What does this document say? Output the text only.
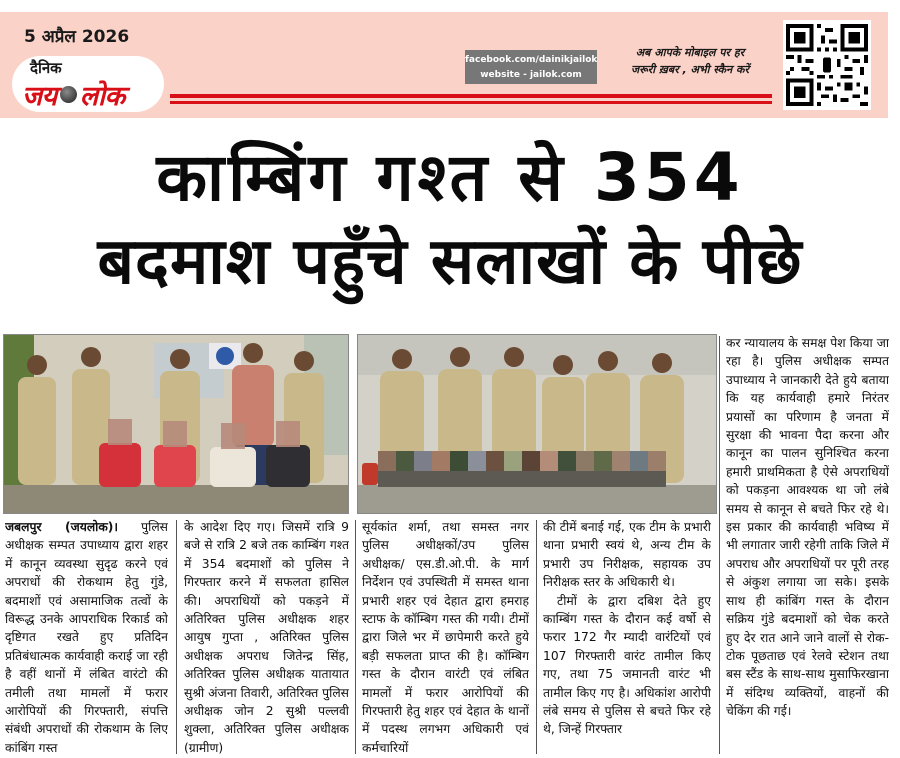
5 अप्रैल 2026
दैनिक
जय लोक
facebook.com/dainikjailok
website - jailok.com
अब आपके मोबाइल पर हर
जरूरी ख़बर , अभी स्कैन करें
काम्बिंग गश्त से 354
बदमाश पहुँचे सलाखों के पीछे

जबलपुर (जयलोक)। पुलिस अधीक्षक सम्पत उपाध्याय द्वारा शहर में कानून व्यवस्था सुदृढ करने एवं अपराधों की रोकथाम हेतु गुंडे, बदमाशों एवं असामाजिक तत्वों के विरूद्ध उनके आपराधिक रिकार्ड को दृष्टिगत रखते हुए प्रतिदिन प्रतिबंधात्मक कार्यवाही कराई जा रही है वहीं थानों में लंबित वारंटो की तमीली तथा मामलों में फरार आरोपियों की गिरफ्तारी, संपत्ति संबंधी अपराधों की रोकथाम के लिए कांबिंग गस्त

के आदेश दिए गए। जिसमें रात्रि 9 बजे से रात्रि 2 बजे तक काम्बिंग गश्त में 354 बदमाशों को पुलिस ने गिरफ्तार करने में सफलता हासिल की। अपराधियों को पकड़ने में अतिरिक्त पुलिस अधीक्षक शहर आयुष गुप्ता , अतिरिक्त पुलिस अधीक्षक अपराध जितेन्द्र सिंह, अतिरिक्त पुलिस अधीक्षक यातायात सुश्री अंजना तिवारी, अतिरिक्त पुलिस अधीक्षक जोन 2 सुश्री पल्लवी शुक्ला, अतिरिक्त पुलिस अधीक्षक (ग्रामीण)

सूर्यकांत शर्मा, तथा समस्त नगर पुलिस अधीक्षकों/उप पुलिस अधीक्षक/ एस.डी.ओ.पी. के मार्ग निर्देशन एवं उपस्थिती में समस्त थाना प्रभारी शहर एवं देहात द्वारा हमराह स्टाफ के कॉम्बिग गस्त की गयी। टीमों द्वारा जिले भर में छापेमारी करते हुये बड़ी सफलता प्राप्त की है। कॉम्बिग गस्त के दौरान वारंटी एवं लंबित मामलों में फरार आरोपियों की गिरफ्तारी हेतु शहर एवं देहात के थानों में पदस्थ लगभग अधिकारी एवं कर्मचारियों

की टीमें बनाई गई, एक टीम के प्रभारी थाना प्रभारी स्वयं थे, अन्य टीम के प्रभारी उप निरीक्षक, सहायक उप निरीक्षक स्तर के अधिकारी थे।

टीमों के द्वारा दबिश देते हुए काम्बिंग गस्त के दौरान कई वर्षो से फरार 172 गैर म्यादी वारंटियों एवं 107 गिरफ्तारी वारंट तामील किए गए, तथा 75 जमानती वारंट भी तामील किए गए है। अधिकांश आरोपी लंबे समय से पुलिस से बचते फिर रहे थे, जिन्हें गिरफ्तार

कर न्यायालय के समक्ष पेश किया जा रहा है। पुलिस अधीक्षक सम्पत उपाध्याय ने जानकारी देते हुये बताया कि यह कार्यवाही हमारे निरंतर प्रयासों का परिणाम है जनता में सुरक्षा की भावना पैदा करना और कानून का पालन सुनिश्चित करना हमारी प्राथमिकता है ऐसे अपराधियों को पकड़ना आवश्यक था जो लंबे समय से कानून से बचते फिर रहे थे। इस प्रकार की कार्यवाही भविष्य में भी लगातार जारी रहेगी ताकि जिले में अपराध और अपराधियों पर पूरी तरह से अंकुश लगाया जा सके। इसके साथ ही कांबिंग गस्त के दौरान सक्रिय गुंडे बदमाशों को चेक करते हुए देर रात आने जाने वालों से रोक-टोक पूछताछ एवं रेलवे स्टेशन तथा बस स्टैंड के साथ-साथ मुसाफिरखाना में संदिग्ध व्यक्तियों, वाहनों की चेकिंग की गई।
